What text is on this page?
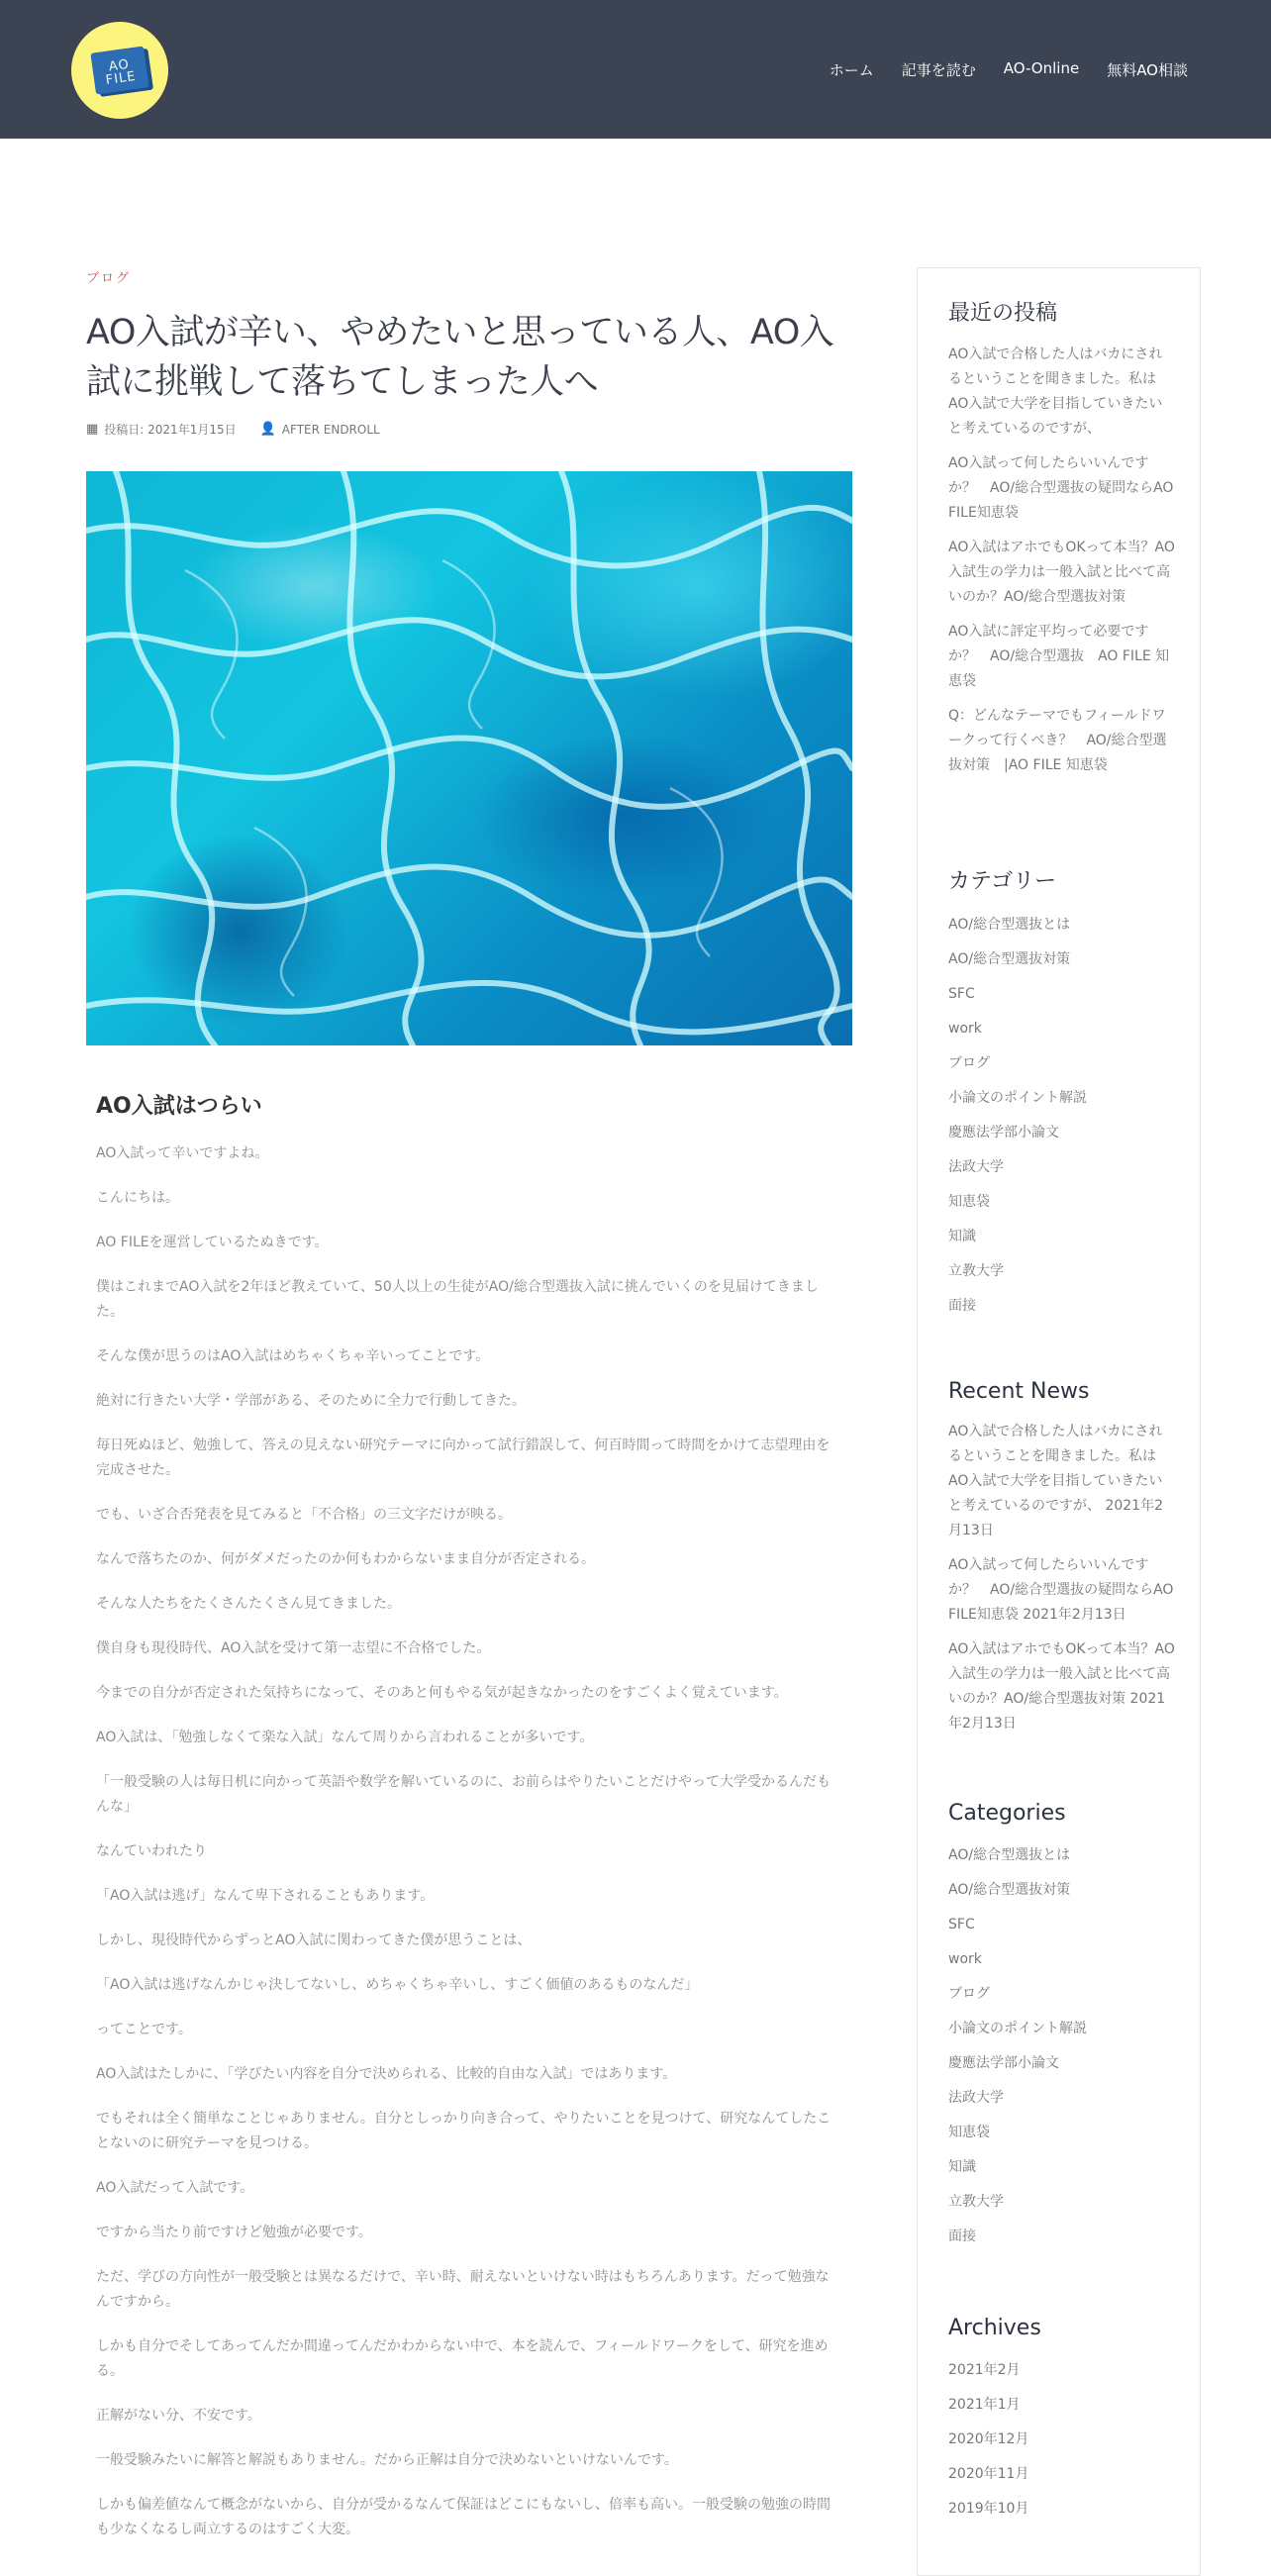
AO FILE	ホーム 記事を読む AO-Online 無料AO相談
ブログ
AO入試が辛い、やめたいと思っている人、AO入試に挑戦して落ちてしまった人へ
▦ 投稿日: 2021年1月15日 👤 AFTER ENDROLL
AO入試はつらい

AO入試って辛いですよね。

こんにちは。

AO FILEを運営しているたぬきです。

僕はこれまでAO入試を2年ほど教えていて、50人以上の生徒がAO/総合型選抜入試に挑んでいくのを見届けてきました。

そんな僕が思うのはAO入試はめちゃくちゃ辛いってことです。

絶対に行きたい大学・学部がある、そのために全力で行動してきた。

毎日死ぬほど、勉強して、答えの見えない研究テーマに向かって試行錯誤して、何百時間って時間をかけて志望理由を完成させた。

でも、いざ合否発表を見てみると「不合格」の三文字だけが映る。

なんで落ちたのか、何がダメだったのか何もわからないまま自分が否定される。

そんな人たちをたくさんたくさん見てきました。

僕自身も現役時代、AO入試を受けて第一志望に不合格でした。

今までの自分が否定された気持ちになって、そのあと何もやる気が起きなかったのをすごくよく覚えています。

AO入試は、「勉強しなくて楽な入試」なんて周りから言われることが多いです。

「一般受験の人は毎日机に向かって英語や数学を解いているのに、お前らはやりたいことだけやって大学受かるんだもんな」

なんていわれたり

「AO入試は逃げ」なんて卑下されることもあります。

しかし、現役時代からずっとAO入試に関わってきた僕が思うことは、

「AO入試は逃げなんかじゃ決してないし、めちゃくちゃ辛いし、すごく価値のあるものなんだ」

ってことです。

AO入試はたしかに、「学びたい内容を自分で決められる、比較的自由な入試」ではあります。

でもそれは全く簡単なことじゃありません。自分としっかり向き合って、やりたいことを見つけて、研究なんてしたことないのに研究テーマを見つける。

AO入試だって入試です。

ですから当たり前ですけど勉強が必要です。

ただ、学びの方向性が一般受験とは異なるだけで、辛い時、耐えないといけない時はもちろんあります。だって勉強なんですから。

しかも自分でそしてあってんだか間違ってんだかわからない中で、本を読んで、フィールドワークをして、研究を進める。

正解がない分、不安です。

一般受験みたいに解答と解説もありません。だから正解は自分で決めないといけないんです。

しかも偏差値なんて概念がないから、自分が受かるなんて保証はどこにもないし、倍率も高い。一般受験の勉強の時間も少なくなるし両立するのはすごく大変。

最近の投稿
AO入試で合格した人はバカにされるということを聞きました。私はAO入試で大学を目指していきたいと考えているのですが、
AO入試って何したらいいんですか？　AO/総合型選抜の疑問ならAO FILE知恵袋
AO入試はアホでもOKって本当？AO入試生の学力は一般入試と比べて高いのか？AO/総合型選抜対策
AO入試に評定平均って必要ですか？　AO/総合型選抜　AO FILE 知恵袋
Q：どんなテーマでもフィールドワークって行くべき？　AO/総合型選抜対策　|AO FILE 知恵袋
カテゴリー
AO/総合型選抜とは
AO/総合型選抜対策
SFC
work
ブログ
小論文のポイント解説
慶應法学部小論文
法政大学
知恵袋
知識
立教大学
面接
Recent News
AO入試で合格した人はバカにされるということを聞きました。私はAO入試で大学を目指していきたいと考えているのですが、 2021年2月13日
AO入試って何したらいいんですか？　AO/総合型選抜の疑問ならAO FILE知恵袋 2021年2月13日
AO入試はアホでもOKって本当？AO入試生の学力は一般入試と比べて高いのか？AO/総合型選抜対策 2021年2月13日
Categories
AO/総合型選抜とは
AO/総合型選抜対策
SFC
work
ブログ
小論文のポイント解説
慶應法学部小論文
法政大学
知恵袋
知識
立教大学
面接
Archives
2021年2月
2021年1月
2020年12月
2020年11月
2019年10月
